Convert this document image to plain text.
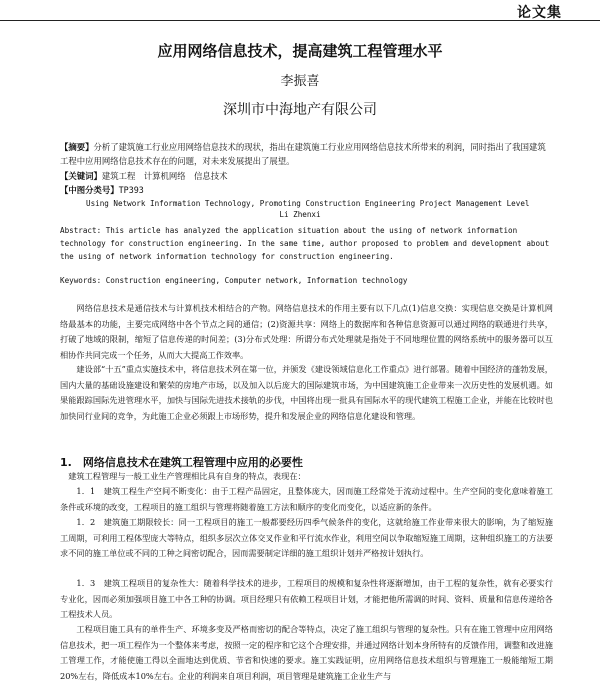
论文集
应用网络信息技术，提高建筑工程管理水平
李振喜
深圳市中海地产有限公司

【摘要】分析了建筑施工行业应用网络信息技术的现状，指出在建筑施工行业应用网络信息技术所带来的利润，同时指出了我国建筑工程中应用网络信息技术存在的问题，对未来发展提出了展望。

【关键词】建筑工程　计算机网络　信息技术
【中图分类号】TP393
Using Network Information Technology, Promoting Construction Engineering Project Management Level
Li Zhenxi

Abstract: This article has analyzed the application situation about the using of network information technology for construction engineering. In the same time, author proposed to problem and development about the using of network information technology for construction engineering.

Keywords: Construction engineering, Computer network, Information technology

网络信息技术是通信技术与计算机技术相结合的产物。网络信息技术的作用主要有以下几点(1)信息交换：实现信息交换是计算机网络最基本的功能，主要完成网络中各个节点之间的通信；(2)资源共享：网络上的数据库和各种信息资源可以通过网络的联通进行共享，打破了地域的限制，缩短了信息传递的时间差；(3)分布式处理：所谓分布式处理就是指处于不同地理位置的网络系统中的服务器可以互相协作共同完成一个任务，从而大大提高工作效率。

建设部“十五”重点实施技术中，将信息技术列在第一位，并颁发《建设领域信息化工作重点》进行部署。随着中国经济的蓬勃发展，国内大量的基础设施建设和繁荣的房地产市场，以及加入以后庞大的国际建筑市场，为中国建筑施工企业带来一次历史性的发展机遇。如果能跟踪国际先进管理水平，加快与国际先进技术接轨的步伐，中国将出现一批具有国际水平的现代建筑工程施工企业，并能在比较时也加快同行业间的竞争，为此施工企业必须跟上市场形势，提升和发展企业的网络信息化建设和管理。

1.　网络信息技术在建筑工程管理中应用的必要性

建筑工程管理与一般工业生产管理相比具有自身的特点，表现在：

1．1　建筑工程生产空间不断变化：由于工程产品固定，且整体庞大，因而施工经常处于流动过程中。生产空间的变化意味着施工条件或环境的改变，工程项目的施工组织与管理将随着施工方法和顺序的变化而变化，以适应新的条件。

1．2　建筑施工期限较长：同一工程项目的施工一般都要经历四季气候条件的变化，这就给施工作业带来很大的影响，为了缩短施工周期，可利用工程体型庞大等特点，组织多层次立体交叉作业和平行流水作业，利用空间以争取缩短施工周期，这种组织施工的方法要求不同的施工单位或不同的工种之间密切配合，因而需要制定详细的施工组织计划并严格按计划执行。

1．3　建筑工程项目的复杂性大：随着科学技术的进步，工程项目的规模和复杂性将逐渐增加，由于工程的复杂性，就有必要实行专业化，因而必须加强项目施工中各工种的协调。项目经理只有依赖工程项目计划，才能把他所需调的时间、资料、质量和信息传递给各工程技术人员。

工程项目施工具有的单件生产、环境多变及严格而密切的配合等特点，决定了施工组织与管理的复杂性。只有在施工管理中应用网络信息技术，把一项工程作为一个整体来考虑，按照一定的程序和它这个合理安排，并通过网络计划本身所特有的反馈作用，调整和改进施工管理工作，才能使施工得以全面地达到优质、节省和快速的要求。施工实践证明，应用网络信息技术组织与管理施工一般能缩短工期20%左右，降低成本10%左右。企业的利润来自项目利润，项目管理是建筑施工企业生产与
